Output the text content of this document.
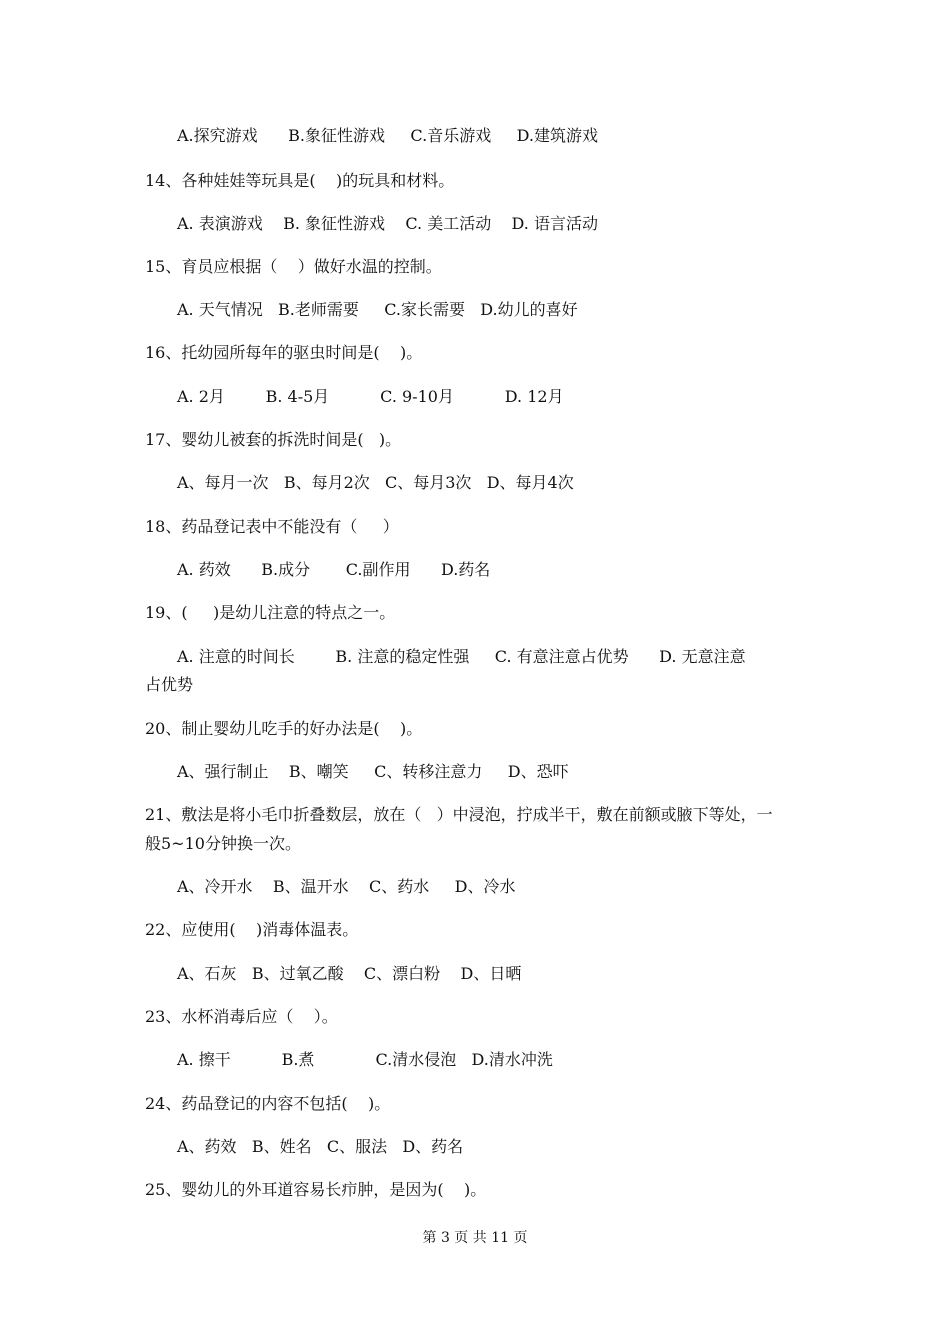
A.探究游戏      B.象征性游戏     C.音乐游戏     D.建筑游戏
14、各种娃娃等玩具是(    )的玩具和材料。
A. 表演游戏    B. 象征性游戏    C. 美工活动    D. 语言活动
15、育员应根据（    ）做好水温的控制。
A. 天气情况   B.老师需要     C.家长需要   D.幼儿的喜好
16、托幼园所每年的驱虫时间是(    )。
A. 2月        B. 4-5月          C. 9-10月          D. 12月
17、婴幼儿被套的拆洗时间是(   )。
A、每月一次   B、每月2次   C、每月3次   D、每月4次
18、药品登记表中不能没有（     ）
A. 药效      B.成分       C.副作用      D.药名
19、(     )是幼儿注意的特点之一。
A. 注意的时间长        B. 注意的稳定性强     C. 有意注意占优势      D. 无意注意
占优势
20、制止婴幼儿吃手的好办法是(    )。
A、强行制止    B、嘲笑     C、转移注意力     D、恐吓
21、敷法是将小毛巾折叠数层，放在（   ）中浸泡，拧成半干，敷在前额或腋下等处，一
般5~10分钟换一次。
A、冷开水    B、温开水    C、药水     D、冷水
22、应使用(    )消毒体温表。
A、石灰   B、过氧乙酸    C、漂白粉    D、日晒
23、水杯消毒后应（    ）。
A. 擦干          B.煮            C.清水侵泡   D.清水冲洗
24、药品登记的内容不包括(    )。
A、药效   B、姓名   C、服法   D、药名
25、婴幼儿的外耳道容易长疖肿，是因为(    )。
第 3 页 共 11 页
